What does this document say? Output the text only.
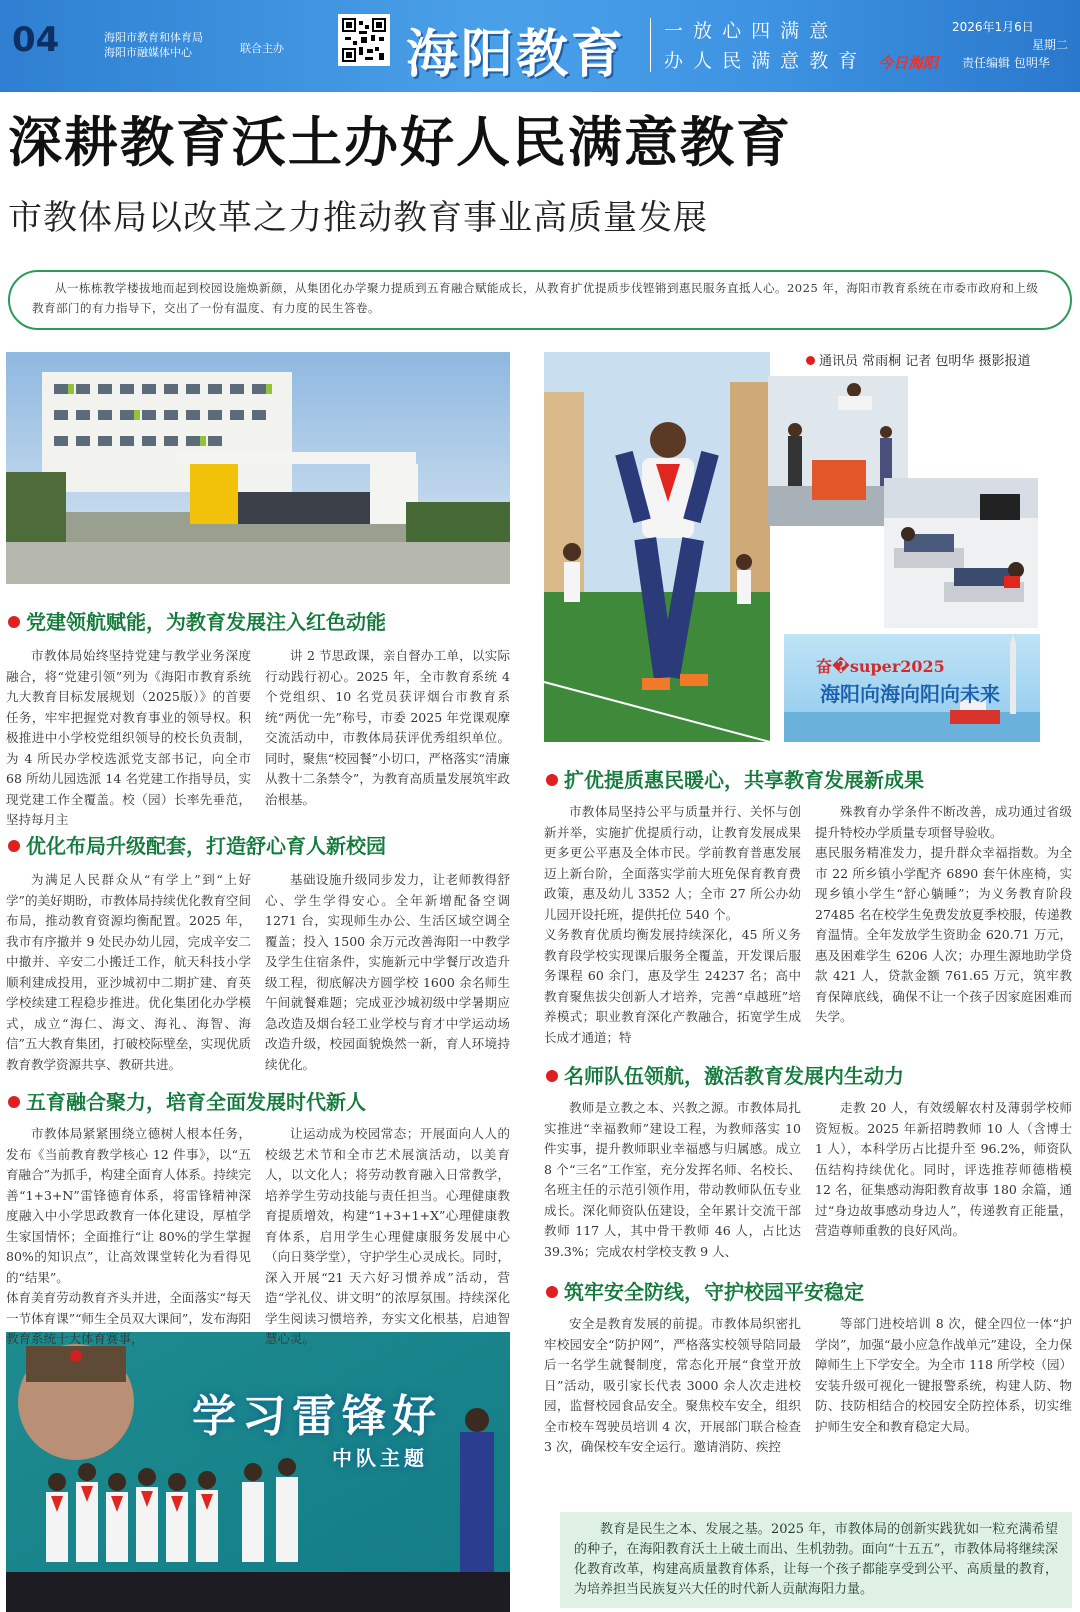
04	海阳市教育和体育局
海阳市融媒体中心	联合主办 海阳教育 一 放 心 四 满 意
办 人 民 满 意 教 育
2026年1月6日
星期二
今日海阳 责任编辑 包明华
深耕教育沃土办好人民满意教育
市教体局以改革之力推动教育事业高质量发展

从一栋栋教学楼拔地而起到校园设施焕新颜，从集团化办学聚力提质到五育融合赋能成长，从教育扩优提质步伐铿锵到惠民服务直抵人心。2025 年，海阳市教育系统在市委市政府和上级教育部门的有力指导下，交出了一份有温度、有力度的民生答卷。

奋�super2025
海阳向海向阳向未来
学习雷锋好
中队主题
通讯员 常雨桐 记者 包明华 摄影报道
党建领航赋能，为教育发展注入红色动能

市教体局始终坚持党建与教学业务深度融合，将“党建引领”列为《海阳市教育系统九大教育目标发展规划（2025版）》的首要任务，牢牢把握党对教育事业的领导权。积极推进中小学校党组织领导的校长负责制，为 4 所民办学校选派党支部书记，向全市 68 所幼儿园选派 14 名党建工作指导员，实现党建工作全覆盖。校（园）长率先垂范，坚持每月主

讲 2 节思政课，亲自督办工单，以实际行动践行初心。2025 年，全市教育系统 4 个党组织、10 名党员获评烟台市教育系统“两优一先”称号，市委 2025 年党课观摩交流活动中，市教体局获评优秀组织单位。同时，聚焦“校园餐”小切口，严格落实“清廉从教十二条禁令”，为教育高质量发展筑牢政治根基。

优化布局升级配套，打造舒心育人新校园

为满足人民群众从“有学上”到“上好学”的美好期盼，市教体局持续优化教育空间布局，推动教育资源均衡配置。2025 年，我市有序撤并 9 处民办幼儿园，完成辛安二中撤并、辛安二小搬迁工作，航天科技小学顺利建成投用，亚沙城初中二期扩建、育英学校续建工程稳步推进。优化集团化办学模式，成立“海仁、海文、海礼、海智、海信”五大教育集团，打破校际壁垒，实现优质教育教学资源共享、教研共进。

基础设施升级同步发力，让老师教得舒心、学生学得安心。全年新增配备空调 1271 台，实现师生办公、生活区域空调全覆盖；投入 1500 余万元改善海阳一中教学及学生住宿条件，实施新元中学餐厅改造升级工程，彻底解决方圆学校 1600 余名师生午间就餐难题；完成亚沙城初级中学暑期应急改造及烟台轻工业学校与育才中学运动场改造升级，校园面貌焕然一新，育人环境持续优化。

五育融合聚力，培育全面发展时代新人

市教体局紧紧围绕立德树人根本任务，发布《当前教育教学核心 12 件事》，以“五育融合”为抓手，构建全面育人体系。持续完善“1+3+N”雷锋德育体系，将雷锋精神深度融入中小学思政教育一体化建设，厚植学生家国情怀；全面推行“让 80%的学生掌握 80%的知识点”，让高效课堂转化为看得见的“结果”。
体育美育劳动教育齐头并进，全面落实“每天一节体育课”“师生全员双大课间”，发布海阳教育系统十大体育赛事，

让运动成为校园常态；开展面向人人的校级艺术节和全市艺术展演活动，以美育人，以文化人；将劳动教育融入日常教学，培养学生劳动技能与责任担当。心理健康教育提质增效，构建“1+3+1+X”心理健康教育体系，启用学生心理健康服务发展中心（向日葵学堂），守护学生心灵成长。同时，深入开展“21 天六好习惯养成”活动，营造“学礼仪、讲文明”的浓厚氛围。持续深化学生阅读习惯培养，夯实文化根基，启迪智慧心灵。

扩优提质惠民暖心，共享教育发展新成果

市教体局坚持公平与质量并行、关怀与创新并举，实施扩优提质行动，让教育发展成果更多更公平惠及全体市民。学前教育普惠发展迈上新台阶，全面落实学前大班免保育教育费政策，惠及幼儿 3352 人；全市 27 所公办幼儿园开设托班，提供托位 540 个。
义务教育优质均衡发展持续深化，45 所义务教育段学校实现课后服务全覆盖，开发课后服务课程 60 余门，惠及学生 24237 名；高中教育聚焦拔尖创新人才培养，完善“卓越班”培养模式；职业教育深化产教融合，拓宽学生成长成才通道；特

殊教育办学条件不断改善，成功通过省级提升特校办学质量专项督导验收。
惠民服务精准发力，提升群众幸福指数。为全市 22 所乡镇小学配齐 6890 套午休座椅，实现乡镇小学生“舒心躺睡”；为义务教育阶段 27485 名在校学生免费发放夏季校服，传递教育温情。全年发放学生资助金 620.71 万元，惠及困难学生 6206 人次；办理生源地助学贷款 421 人，贷款金额 761.65 万元，筑牢教育保障底线，确保不让一个孩子因家庭困难而失学。

名师队伍领航，激活教育发展内生动力

教师是立教之本、兴教之源。市教体局扎实推进“幸福教师”建设工程，为教师落实 10 件实事，提升教师职业幸福感与归属感。成立 8 个“三名”工作室，充分发挥名师、名校长、名班主任的示范引领作用，带动教师队伍专业成长。深化师资队伍建设，全年累计交流干部教师 117 人，其中骨干教师 46 人，占比达 39.3%；完成农村学校支教 9 人、

走教 20 人，有效缓解农村及薄弱学校师资短板。2025 年新招聘教师 10 人（含博士 1 人），本科学历占比提升至 96.2%，师资队伍结构持续优化。同时，评选推荐师德楷模 12 名，征集感动海阳教育故事 180 余篇，通过“身边故事感动身边人”，传递教育正能量，营造尊师重教的良好风尚。

筑牢安全防线，守护校园平安稳定

安全是教育发展的前提。市教体局织密扎牢校园安全“防护网”，严格落实校领导陪同最后一名学生就餐制度，常态化开展“食堂开放日”活动，吸引家长代表 3000 余人次走进校园，监督校园食品安全。聚焦校车安全，组织全市校车驾驶员培训 4 次，开展部门联合检查 3 次，确保校车安全运行。邀请消防、疾控

等部门进校培训 8 次，健全四位一体“护学岗”，加强“最小应急作战单元”建设，全力保障师生上下学安全。为全市 118 所学校（园）安装升级可视化一键报警系统，构建人防、物防、技防相结合的校园安全防控体系，切实维护师生安全和教育稳定大局。

教育是民生之本、发展之基。2025 年，市教体局的创新实践犹如一粒充满希望的种子，在海阳教育沃土上破土而出、生机勃勃。面向“十五五”，市教体局将继续深化教育改革，构建高质量教育体系，让每一个孩子都能享受到公平、高质量的教育，为培养担当民族复兴大任的时代新人贡献海阳力量。
